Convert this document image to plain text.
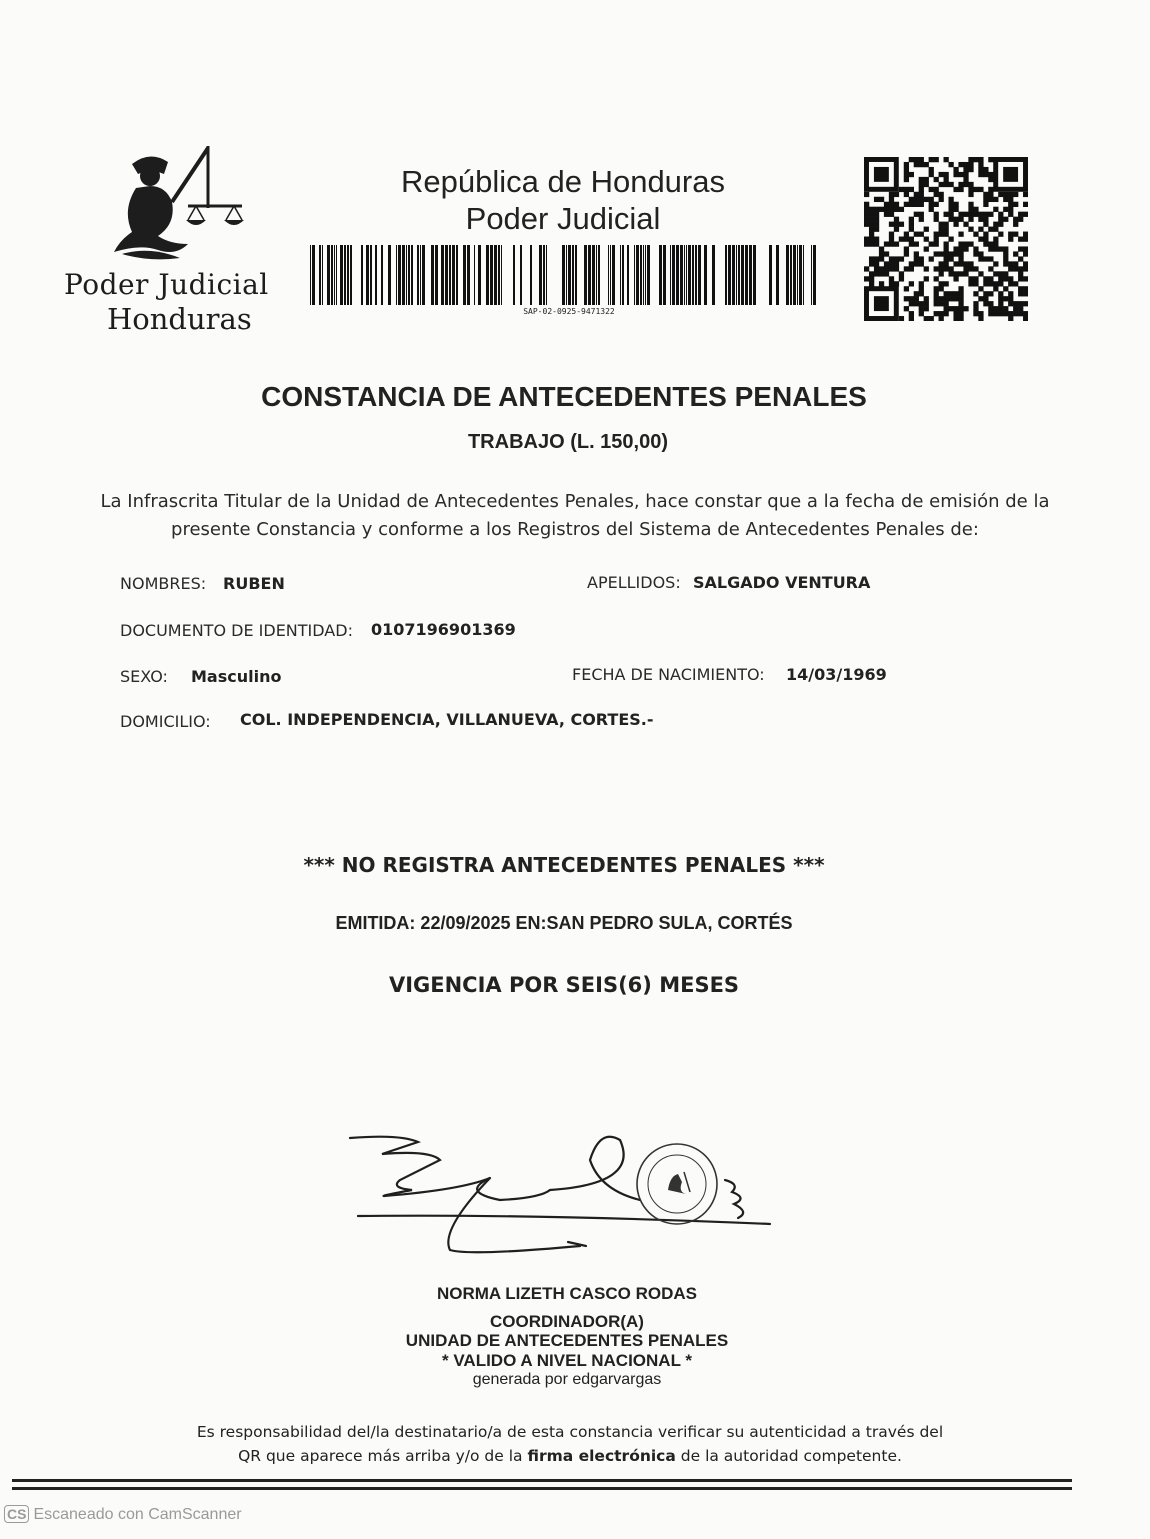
Poder Judicial
Honduras
República de Honduras
Poder Judicial
SAP-02-0925-9471322
CONSTANCIA DE ANTECEDENTES PENALES
TRABAJO (L. 150,00)
La Infrascrita Titular de la Unidad de Antecedentes Penales, hace constar que a la fecha de emisión de la
presente Constancia y conforme a los Registros del Sistema de Antecedentes Penales de:
NOMBRES: RUBEN	APELLIDOS: SALGADO VENTURA
DOCUMENTO DE IDENTIDAD: 0107196901369
SEXO: Masculino	FECHA DE NACIMIENTO: 14/03/1969
DOMICILIO: COL. INDEPENDENCIA, VILLANUEVA, CORTES.-
*** NO REGISTRA ANTECEDENTES PENALES ***
EMITIDA: 22/09/2025 EN:SAN PEDRO SULA, CORTÉS
VIGENCIA POR SEIS(6) MESES
NORMA LIZETH CASCO RODAS
COORDINADOR(A)
UNIDAD DE ANTECEDENTES PENALES
* VALIDO A NIVEL NACIONAL *
generada por edgarvargas
Es responsabilidad del/la destinatario/a de esta constancia verificar su autenticidad a través del
QR que aparece más arriba y/o de la firma electrónica de la autoridad competente.
CS Escaneado con CamScanner
